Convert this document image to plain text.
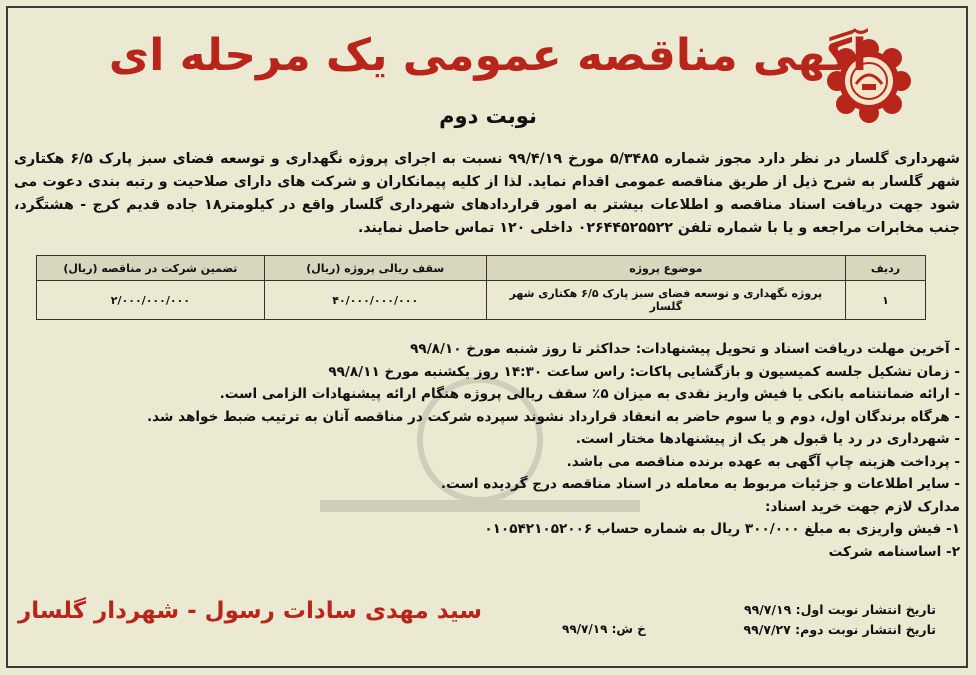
آگهی مناقصه عمومی یک مرحله ای
نوبت دوم
شهرداری گلسار در نظر دارد مجوز شماره ۵/۳۴۸۵ مورخ ۹۹/۴/۱۹ نسبت به اجرای پروژه نگهداری و توسعه فضای سبز پارک ۶/۵ هکتاری شهر گلسار به شرح ذیل از طریق مناقصه عمومی اقدام نماید. لذا از کلیه پیمانکاران و شرکت های دارای صلاحیت و رتبه بندی دعوت می شود جهت دریافت اسناد مناقصه و اطلاعات بیشتر به امور قراردادهای شهرداری گلسار واقع در کیلومتر۱۸ جاده قدیم کرج - هشتگرد، جنب مخابرات مراجعه و یا با شماره تلفن ۰۲۶۴۴۵۲۵۵۲۲ داخلی ۱۲۰ تماس حاصل نمایند.
ردیف	موضوع پروژه	سقف ریالی پروژه (ریال)	تضمین شرکت در مناقصه (ریال)
۱	پروژه نگهداری و توسعه فضای سبز پارک ۶/۵ هکتاری شهر گلسار	۴۰/۰۰۰/۰۰۰/۰۰۰	۲/۰۰۰/۰۰۰/۰۰۰
- آخرین مهلت دریافت اسناد و تحویل پیشنهادات: حداکثر تا روز شنبه مورخ ۹۹/۸/۱۰
- زمان تشکیل جلسه کمیسیون و بازگشایی پاکات: راس ساعت ۱۴:۳۰ روز یکشنبه مورخ ۹۹/۸/۱۱
- ارائه ضمانتنامه بانکی یا فیش واریز نقدی به میزان ۵٪ سقف ریالی پروژه هنگام ارائه پیشنهادات الزامی است.
- هرگاه برندگان اول، دوم و یا سوم حاضر به انعقاد قرارداد نشوند سپرده شرکت در مناقصه آنان به ترتیب ضبط خواهد شد.
- شهرداری در رد یا قبول هر یک از پیشنهادها مختار است.
- پرداخت هزینه چاپ آگهی به عهده برنده مناقصه می باشد.
- سایر اطلاعات و جزئیات مربوط به معامله در اسناد مناقصه درج گردیده است.
مدارک لازم جهت خرید اسناد:
۱- فیش واریزی به مبلغ ۳۰۰/۰۰۰ ریال به شماره حساب ۰۱۰۵۴۲۱۰۵۲۰۰۶
۲- اساسنامه شرکت
تاریخ انتشار نوبت اول: ۹۹/۷/۱۹
تاریخ انتشار نوبت دوم: ۹۹/۷/۲۷
خ ش: ۹۹/۷/۱۹
سید مهدی سادات رسول - شهردار گلسار
